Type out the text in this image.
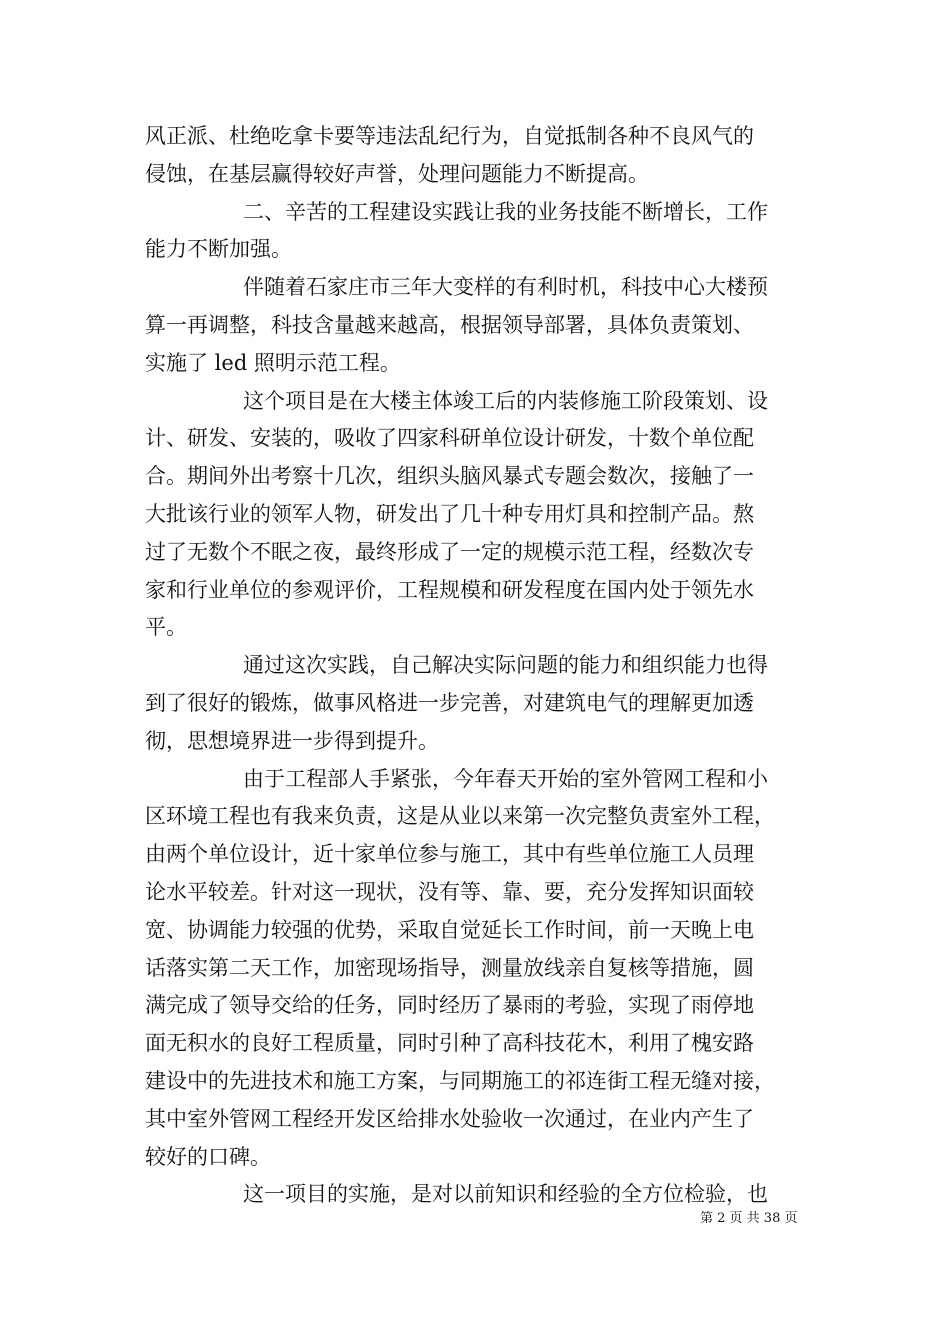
风正派、杜绝吃拿卡要等违法乱纪行为，自觉抵制各种不良风气的
侵蚀，在基层赢得较好声誉，处理问题能力不断提高。
二、辛苦的工程建设实践让我的业务技能不断增长，工作
能力不断加强。
伴随着石家庄市三年大变样的有利时机，科技中心大楼预
算一再调整，科技含量越来越高，根据领导部署，具体负责策划、
实施了 led 照明示范工程。
这个项目是在大楼主体竣工后的内装修施工阶段策划、设
计、研发、安装的，吸收了四家科研单位设计研发，十数个单位配
合。期间外出考察十几次，组织头脑风暴式专题会数次，接触了一
大批该行业的领军人物，研发出了几十种专用灯具和控制产品。熬
过了无数个不眠之夜，最终形成了一定的规模示范工程，经数次专
家和行业单位的参观评价，工程规模和研发程度在国内处于领先水
平。
通过这次实践，自己解决实际问题的能力和组织能力也得
到了很好的锻炼，做事风格进一步完善，对建筑电气的理解更加透
彻，思想境界进一步得到提升。
由于工程部人手紧张，今年春天开始的室外管网工程和小
区环境工程也有我来负责，这是从业以来第一次完整负责室外工程，
由两个单位设计，近十家单位参与施工，其中有些单位施工人员理
论水平较差。针对这一现状，没有等、靠、要，充分发挥知识面较
宽、协调能力较强的优势，采取自觉延长工作时间，前一天晚上电
话落实第二天工作，加密现场指导，测量放线亲自复核等措施，圆
满完成了领导交给的任务，同时经历了暴雨的考验，实现了雨停地
面无积水的良好工程质量，同时引种了高科技花木，利用了槐安路
建设中的先进技术和施工方案，与同期施工的祁连街工程无缝对接，
其中室外管网工程经开发区给排水处验收一次通过，在业内产生了
较好的口碑。
这一项目的实施，是对以前知识和经验的全方位检验，也
第 2 页 共 38 页
